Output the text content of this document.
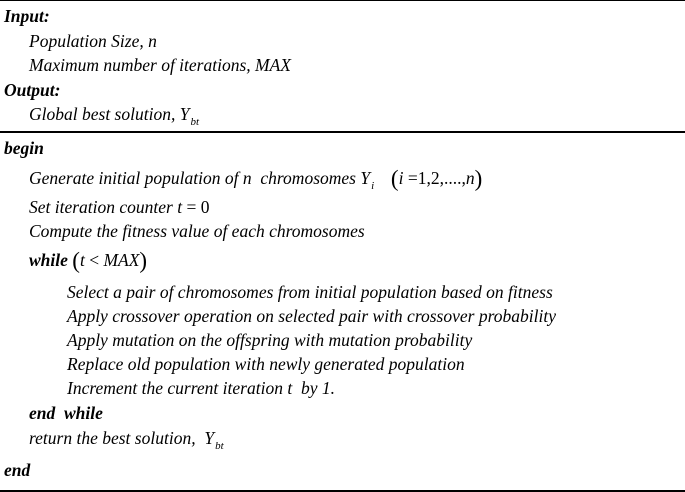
Input:
Population Size, n
Maximum number of iterations, MAX
Output:
Global best solution, $Y_{bt}$
begin
Generate initial population of n chromosomes $Y_i$ (i =1,2,....,n)
Set iteration counter t = 0
Compute the fitness value of each chromosomes
while (t < MAX)
Select a pair of chromosomes from initial population based on fitness
Apply crossover operation on selected pair with crossover probability
Apply mutation on the offspring with mutation probability
Replace old population with newly generated population
Increment the current iteration t by 1.
end  while
return the best solution, $Y_{bt}$
end
